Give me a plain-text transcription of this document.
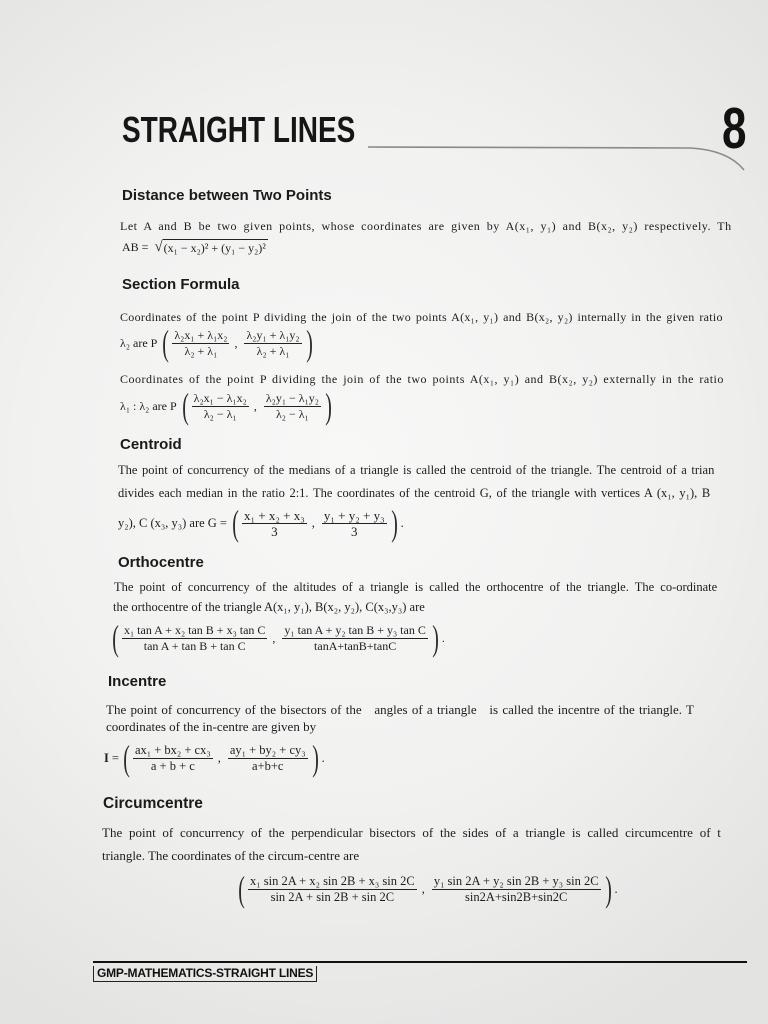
STRAIGHT LINES	8
Distance between Two Points
Let A and B be two given points, whose coordinates are given by A(x₁, y₁) and B(x₂, y₂) respectively. Th
AB = √ (x₁ − x₂)² + (y₁ − y₂)²
Section Formula
Coordinates of the point P dividing the join of the two points A(x₁, y₁) and B(x₂, y₂) internally in the given ratio
λ₂ are P ( $\frac{\text{λ₂x₁ + λ₁x₂}}{\text{λ₂ + λ₁}}$ , $\frac{\text{λ₂y₁ + λ₁y₂}}{\text{λ₂ + λ₁}}$ )
Coordinates of the point P dividing the join of the two points A(x₁, y₁) and B(x₂, y₂) externally in the ratio
λ₁ : λ₂ are P ( $\frac{\text{λ₂x₁ − λ₁x₂}}{\text{λ₂ − λ₁}}$ , $\frac{\text{λ₂y₁ − λ₁y₂}}{\text{λ₂ − λ₁}}$ )
Centroid
The point of concurrency of the medians of a triangle is called the centroid of the triangle. The centroid of a trian
divides each median in the ratio 2:1. The coordinates of the centroid G, of the triangle with vertices A (x₁, y₁), B
y₂), C (x₃, y₃) are G = ( $\frac{\text{x₁ + x₂ + x₃}}{3}$ , $\frac{\text{y₁ + y₂ + y₃}}{3}$ ) .
Orthocentre
The point of concurrency of the altitudes of a triangle is called the orthocentre of the triangle. The co-ordinate
the orthocentre of the triangle A(x₁, y₁), B(x₂, y₂), C(x₃,y₃) are
( $\frac{\text{x₁ tan A + x₂ tan B + x₃ tan C}}{\text{tan A + tan B + tan C}}$ , $\frac{\text{y₁ tan A + y₂ tan B + y₃ tan C}}{\tan A+\tan B+\tan C}$ ) .
Incentre
The point of concurrency of the bisectors of the   angles of a triangle   is called the incentre of the triangle. T
coordinates of the in-centre are given by
I = ( $\frac{\text{ax₁ + bx₂ + cx₃}}{a + b + c}$ , $\frac{\text{ay₁ + by₂ + cy₃}}{a+b+c}$ ) .
Circumcentre
The point of concurrency of the perpendicular bisectors of the sides of a triangle is called circumcentre of t
triangle. The coordinates of the circum-centre are
( $\frac{\text{x₁ sin 2A + x₂ sin 2B + x₃ sin 2C}}{\sin 2A + \sin 2B + \sin 2C}$ , $\frac{\text{y₁ sin 2A + y₂ sin 2B + y₃ sin 2C}}{\sin 2A+\sin 2B+\sin 2C}$ ) .
GMP-MATHEMATICS-STRAIGHT LINES
